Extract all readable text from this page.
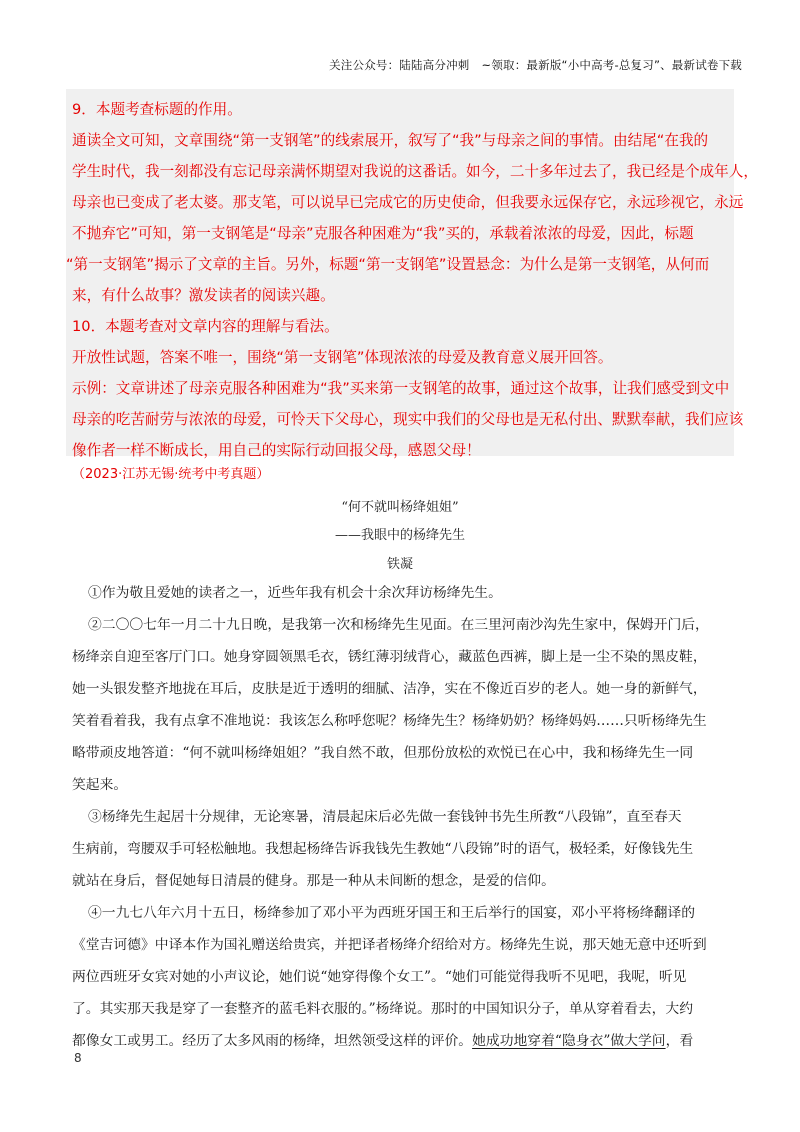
关注公众号：陆陆高分冲刺 ~领取：最新版“小中高考-总复习”、最新试卷下载
9．本题考查标题的作用。
通读全文可知，文章围绕“第一支钢笔”的线索展开，叙写了“我”与母亲之间的事情。由结尾“在我的
学生时代，我一刻都没有忘记母亲满怀期望对我说的这番话。如今，二十多年过去了，我已经是个成年人，
母亲也已变成了老太婆。那支笔，可以说早已完成它的历史使命，但我要永远保存它，永远珍视它，永远
不抛弃它”可知，第一支钢笔是“母亲”克服各种困难为“我”买的，承载着浓浓的母爱，因此，标题
“第一支钢笔”揭示了文章的主旨。另外，标题“第一支钢笔”设置悬念：为什么是第一支钢笔，从何而
来，有什么故事？激发读者的阅读兴趣。
10．本题考查对文章内容的理解与看法。
开放性试题，答案不唯一，围绕“第一支钢笔”体现浓浓的母爱及教育意义展开回答。
示例：文章讲述了母亲克服各种困难为“我”买来第一支钢笔的故事，通过这个故事，让我们感受到文中
母亲的吃苦耐劳与浓浓的母爱，可怜天下父母心，现实中我们的父母也是无私付出、默默奉献，我们应该
像作者一样不断成长，用自己的实际行动回报父母，感恩父母！
（2023·江苏无锡·统考中考真题）
“何不就叫杨绛姐姐”
——我眼中的杨绛先生
铁凝
①作为敬且爱她的读者之一，近些年我有机会十余次拜访杨绛先生。
②二〇〇七年一月二十九日晚，是我第一次和杨绛先生见面。在三里河南沙沟先生家中，保姆开门后，
杨绛亲自迎至客厅门口。她身穿圆领黑毛衣，锈红薄羽绒背心，藏蓝色西裤，脚上是一尘不染的黑皮鞋，
她一头银发整齐地拢在耳后，皮肤是近于透明的细腻、洁净，实在不像近百岁的老人。她一身的新鲜气，
笑着看着我，我有点拿不准地说：我该怎么称呼您呢？杨绛先生？杨绛奶奶？杨绛妈妈……只听杨绛先生
略带顽皮地答道：“何不就叫杨绛姐姐？”我自然不敢，但那份放松的欢悦已在心中，我和杨绛先生一同
笑起来。
③杨绛先生起居十分规律，无论寒暑，清晨起床后必先做一套钱钟书先生所教“八段锦”，直至春天
生病前，弯腰双手可轻松触地。我想起杨绛告诉我钱先生教她“八段锦”时的语气，极轻柔，好像钱先生
就站在身后，督促她每日清晨的健身。那是一种从未间断的想念，是爱的信仰。
④一九七八年六月十五日，杨绛参加了邓小平为西班牙国王和王后举行的国宴，邓小平将杨绛翻译的
《堂吉诃德》中译本作为国礼赠送给贵宾，并把译者杨绛介绍给对方。杨绛先生说，那天她无意中还听到
两位西班牙女宾对她的小声议论，她们说“她穿得像个女工”。“她们可能觉得我听不见吧，我呢，听见
了。其实那天我是穿了一套整齐的蓝毛料衣服的。”杨绛说。那时的中国知识分子，单从穿着看去，大约
都像女工或男工。经历了太多风雨的杨绛，坦然领受这样的评价。她成功地穿着“隐身衣”做大学问，看
8
